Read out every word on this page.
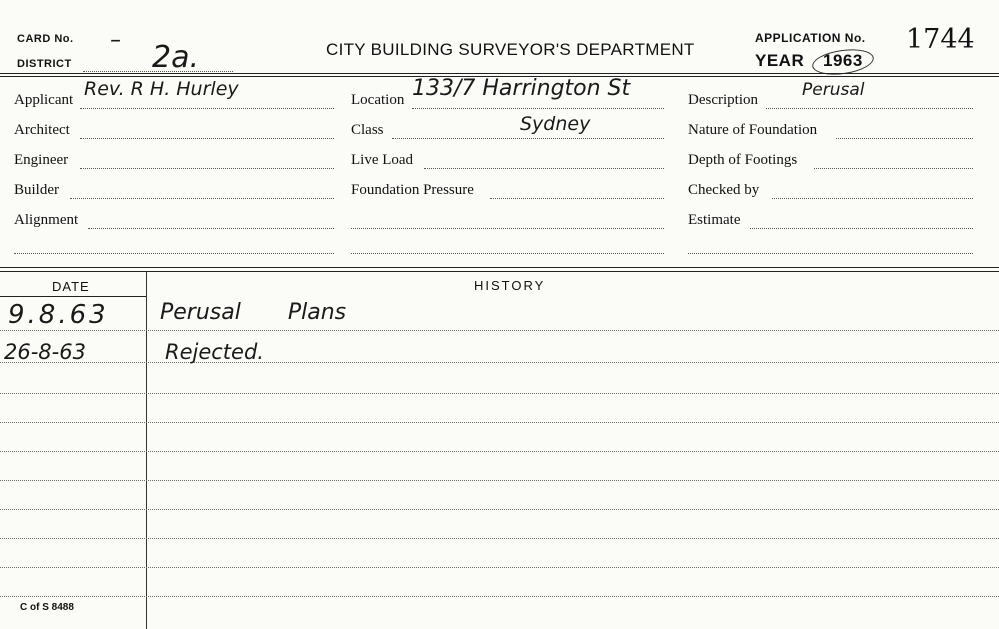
CARD No. –
DISTRICT	2a.	CITY BUILDING SURVEYOR'S DEPARTMENT
APPLICATION No. 1744
YEAR 1963
Applicant Rev. R H. Hurley
Architect
Engineer
Builder
Alignment
Location 133/7 Harrington St
Class	Sydney
Live Load
Foundation Pressure
Description	Perusal
Nature of Foundation
Depth of Footings
Checked by
Estimate
DATE	HISTORY
9.8.63 Perusal Plans
26-8-63	Rejected.
C of S 8488
